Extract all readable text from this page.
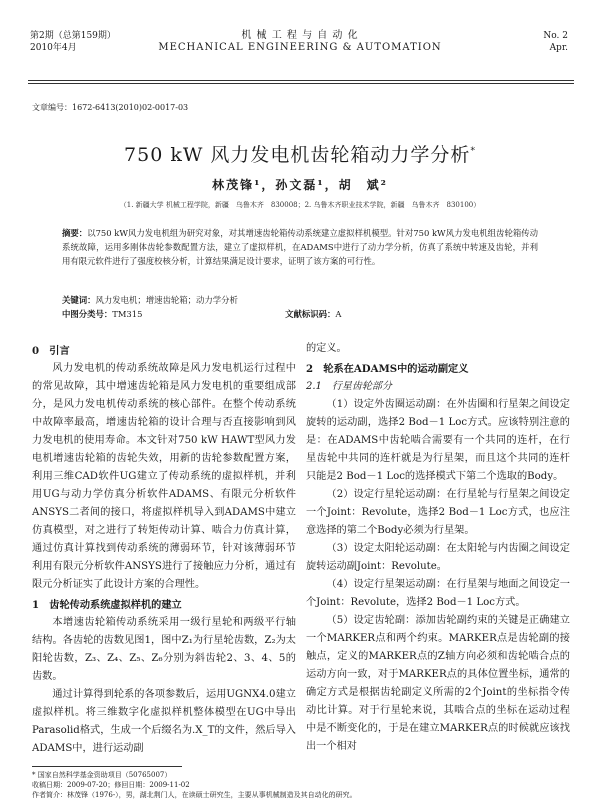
第2期（总第159期）
2010年4月
机 械 工 程 与 自 动 化
MECHANICAL ENGINEERING & AUTOMATION
No. 2
Apr.
文章编号：1672-6413(2010)02-0017-03
750 kW 风力发电机齿轮箱动力学分析*
林茂锋¹，孙文磊¹，胡　斌²
（1. 新疆大学 机械工程学院，新疆　乌鲁木齐　830008；2. 乌鲁木齐职业技术学院，新疆　乌鲁木齐　830100）
摘要：以750 kW风力发电机组为研究对象，对其增速齿轮箱传动系统建立虚拟样机模型。针对750 kW风力发电机组齿轮箱传动系统故障，运用多刚体齿轮参数配置方法，建立了虚拟样机，在ADAMS中进行了动力学分析，仿真了系统中转速及齿轮，并利用有限元软件进行了强度校核分析，计算结果满足设计要求，证明了该方案的可行性。
关键词：风力发电机；增速齿轮箱；动力学分析
中图分类号：TM315	文献标识码：A
0　引言

风力发电机的传动系统故障是风力发电机运行过程中的常见故障，其中增速齿轮箱是风力发电机的重要组成部分，是风力发电机传动系统的核心部件。在整个传动系统中故障率最高，增速齿轮箱的设计合理与否直接影响到风力发电机的使用寿命。本文针对750 kW HAWT型风力发电机增速齿轮箱的齿轮失效，用新的齿轮参数配置方案，利用三维CAD软件UG建立了传动系统的虚拟样机，并利用UG与动力学仿真分析软件ADAMS、有限元分析软件ANSYS二者间的接口，将虚拟样机导入到ADAMS中建立仿真模型，对之进行了转矩传动计算、啮合力仿真计算，通过仿真计算找到传动系统的薄弱环节，针对该薄弱环节利用有限元分析软件ANSYS进行了接触应力分析，通过有限元分析证实了此设计方案的合理性。

1　齿轮传动系统虚拟样机的建立

本增速齿轮箱传动系统采用一级行星轮和两级平行轴结构。各齿轮的齿数见图1，图中Z₁为行星轮齿数，Z₂为太阳轮齿数，Z₃、Z₄、Z₅、Z₆分别为斜齿轮2、3、4、5的齿数。

通过计算得到轮系的各项参数后，运用UGNX4.0建立虚拟样机。将三维数字化虚拟样机整体模型在UG中导出Parasolid格式，生成一个后缀名为.X_T的文件，然后导入ADAMS中，进行运动副

的定义。

2　轮系在ADAMS中的运动副定义
2.1　行星齿轮部分

（1）设定外齿圈运动副：在外齿圈和行星架之间设定旋转的运动副，选择2 Bod－1 Loc方式。应该特别注意的是：在ADAMS中齿轮啮合需要有一个共同的连杆，在行星齿轮中共同的连杆就是为行星架，而且这个共同的连杆只能是2 Bod－1 Loc的选择模式下第二个选取的Body。

（2）设定行星轮运动副：在行星轮与行星架之间设定一个Joint：Revolute，选择2 Bod－1 Loc方式，也应注意选择的第二个Body必须为行星架。

（3）设定太阳轮运动副：在太阳轮与内齿圈之间设定旋转运动副Joint：Revolute。

（4）设定行星架运动副：在行星架与地面之间设定一个Joint：Revolute，选择2 Bod－1 Loc方式。

（5）设定齿轮副：添加齿轮副约束的关键是正确建立一个MARKER点和两个约束。MARKER点是齿轮副的接触点，定义的MARKER点的Z轴方向必须和齿轮啮合点的运动方向一致，对于MARKER点的具体位置坐标，通常的确定方式是根据齿轮副定义所需的2个Joint的坐标指令传动比计算。对于行星轮来说，其啮合点的坐标在运动过程中是不断变化的，于是在建立MARKER点的时候就应该找出一个相对

* 国家自然科学基金资助项目（50765007）
收稿日期：2009-07-20；修回日期：2009-11-02
作者简介：林茂锋（1976-），男，湖北荆门人，在读硕士研究生，主要从事机械制造及其自动化的研究。
